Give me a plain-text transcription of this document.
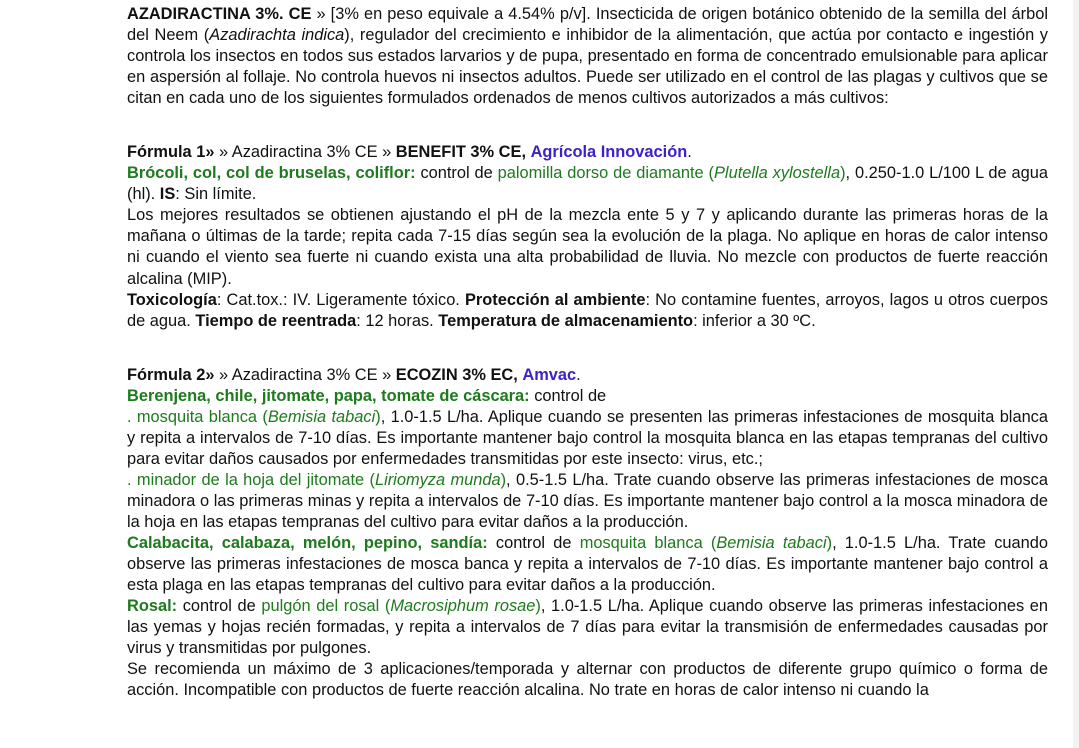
AZADIRACTINA 3%. CE » [3% en peso equivale a 4.54% p/v]. Insecticida de origen botánico obtenido de la semilla del árbol del Neem (Azadirachta indica), regulador del crecimiento e inhibidor de la alimentación, que actúa por contacto e ingestión y controla los insectos en todos sus estados larvarios y de pupa, presentado en forma de concentrado emulsionable para aplicar en aspersión al follaje. No controla huevos ni insectos adultos. Puede ser utilizado en el control de las plagas y cultivos que se citan en cada uno de los siguientes formulados ordenados de menos cultivos autorizados a más cultivos:

Fórmula 1» » Azadiractina 3% CE » BENEFIT 3% CE, Agrícola Innovación.

Brócoli, col, col de bruselas, coliflor: control de palomilla dorso de diamante (Plutella xylostella), 0.250-1.0 L/100 L de agua (hl). IS: Sin límite.

Los mejores resultados se obtienen ajustando el pH de la mezcla ente 5 y 7 y aplicando durante las primeras horas de la mañana o últimas de la tarde; repita cada 7-15 días según sea la evolución de la plaga. No aplique en horas de calor intenso ni cuando el viento sea fuerte ni cuando exista una alta probabilidad de lluvia. No mezcle con productos de fuerte reacción alcalina (MIP).

Toxicología: Cat.tox.: IV. Ligeramente tóxico. Protección al ambiente: No contamine fuentes, arroyos, lagos u otros cuerpos de agua. Tiempo de reentrada: 12 horas. Temperatura de almacenamiento: inferior a 30 ºC.

Fórmula 2» » Azadiractina 3% CE » ECOZIN 3% EC, Amvac.

Berenjena, chile, jitomate, papa, tomate de cáscara: control de

. mosquita blanca (Bemisia tabaci), 1.0-1.5 L/ha. Aplique cuando se presenten las primeras infestaciones de mosquita blanca y repita a intervalos de 7-10 días. Es importante mantener bajo control la mosquita blanca en las etapas tempranas del cultivo para evitar daños causados por enfermedades transmitidas por este insecto: virus, etc.;

. minador de la hoja del jitomate (Liriomyza munda), 0.5-1.5 L/ha. Trate cuando observe las primeras infestaciones de mosca minadora o las primeras minas y repita a intervalos de 7-10 días. Es importante mantener bajo control a la mosca minadora de la hoja en las etapas tempranas del cultivo para evitar daños a la producción.

Calabacita, calabaza, melón, pepino, sandía: control de mosquita blanca (Bemisia tabaci), 1.0-1.5 L/ha. Trate cuando observe las primeras infestaciones de mosca banca y repita a intervalos de 7-10 días. Es importante mantener bajo control a esta plaga en las etapas tempranas del cultivo para evitar daños a la producción.

Rosal: control de pulgón del rosal (Macrosiphum rosae), 1.0-1.5 L/ha. Aplique cuando observe las primeras infestaciones en las yemas y hojas recién formadas, y repita a intervalos de 7 días para evitar la transmisión de enfermedades causadas por virus y transmitidas por pulgones.

Se recomienda un máximo de 3 aplicaciones/temporada y alternar con productos de diferente grupo químico o forma de acción. Incompatible con productos de fuerte reacción alcalina. No trate en horas de calor intenso ni cuando la
